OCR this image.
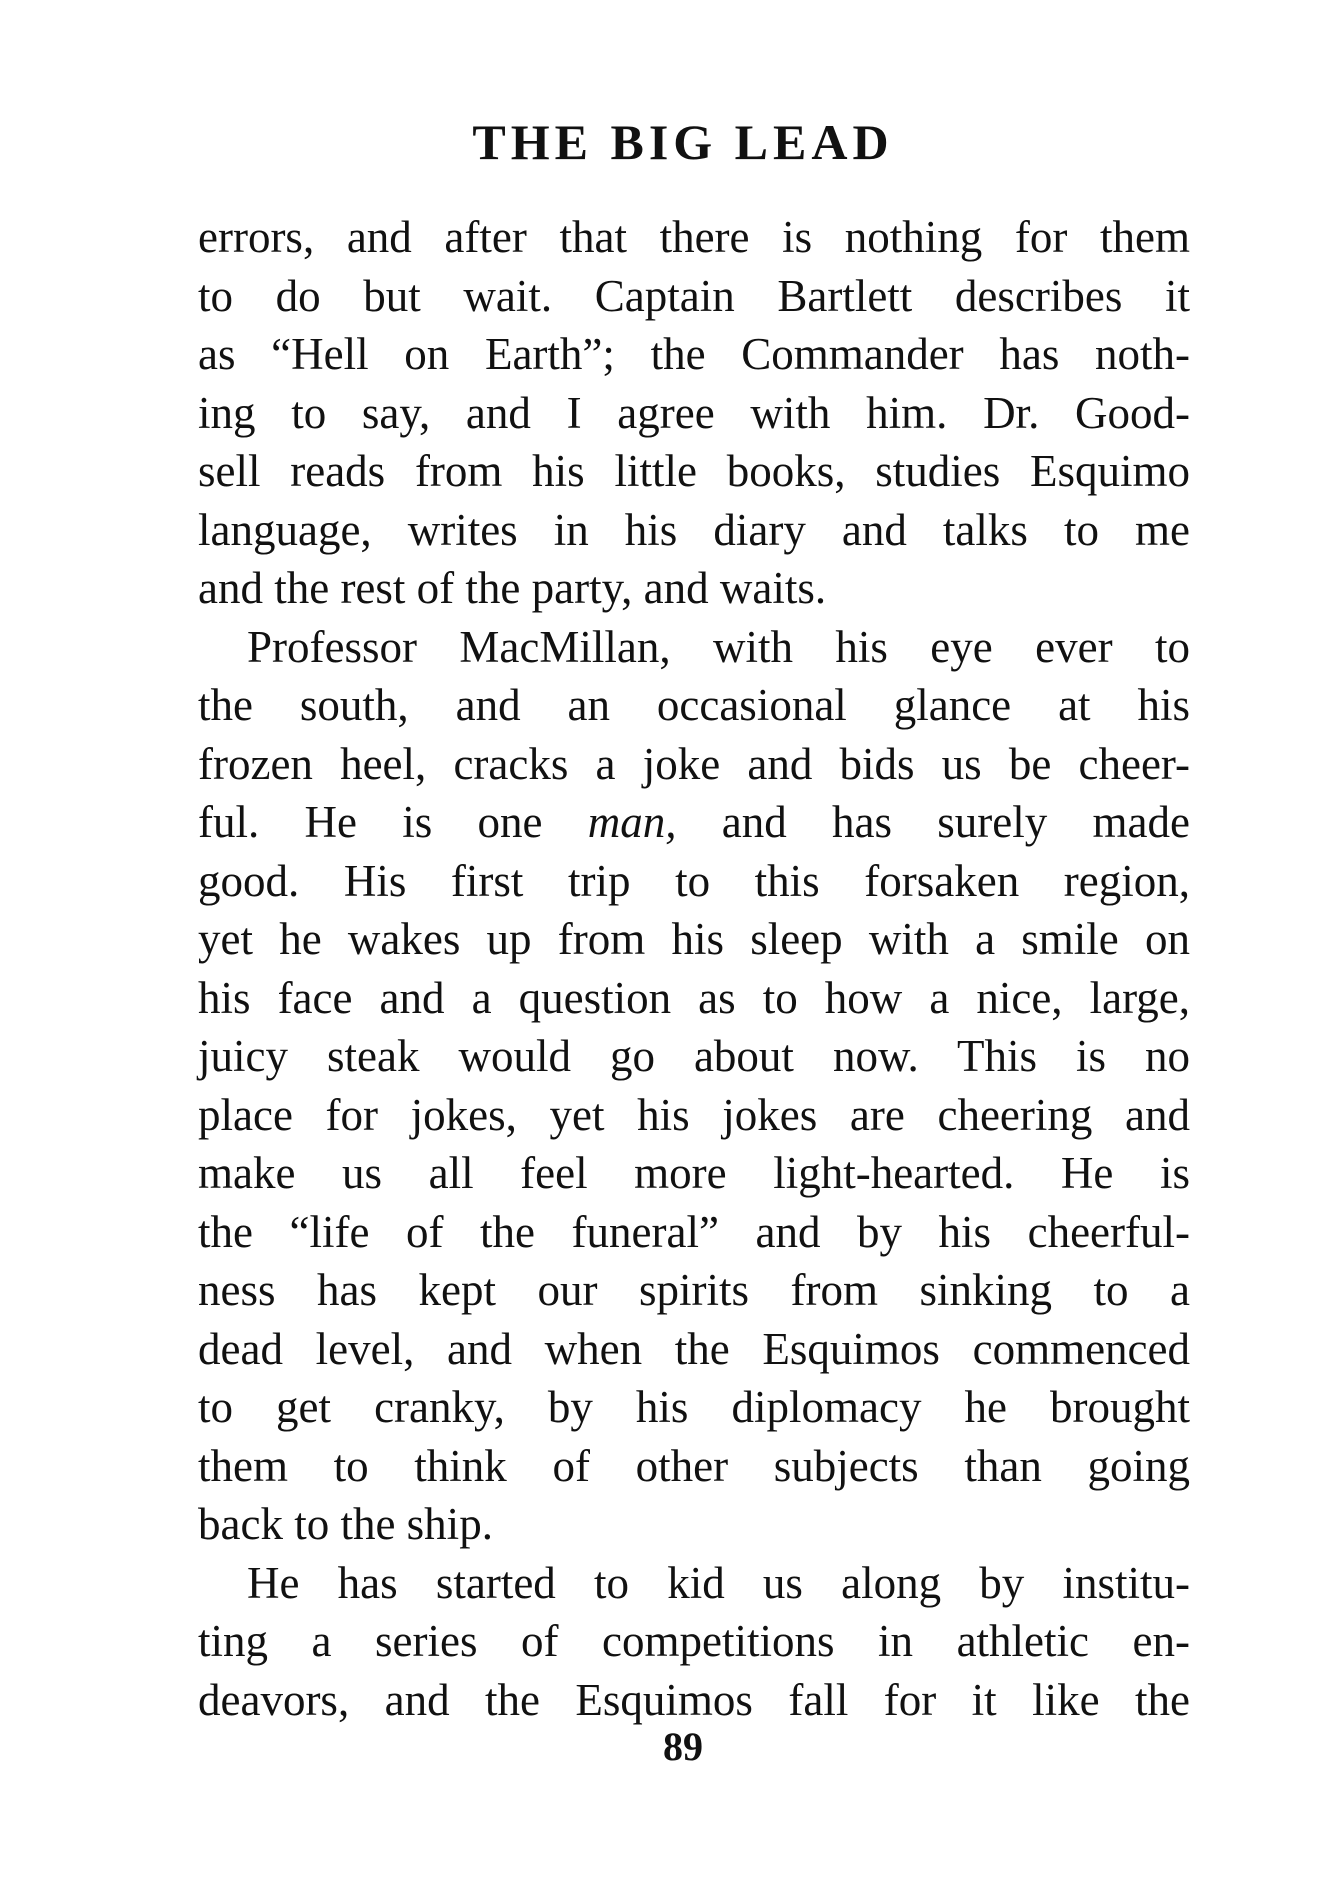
THE BIG LEAD
errors, and after that there is nothing for them
to do but wait. Captain Bartlett describes it
as “Hell on Earth”; the Commander has noth-
ing to say, and I agree with him. Dr. Good-
sell reads from his little books, studies Esquimo
language, writes in his diary and talks to me
and the rest of the party, and waits.
Professor MacMillan, with his eye ever to
the south, and an occasional glance at his
frozen heel, cracks a joke and bids us be cheer-
ful. He is one man, and has surely made
good. His first trip to this forsaken region,
yet he wakes up from his sleep with a smile on
his face and a question as to how a nice, large,
juicy steak would go about now. This is no
place for jokes, yet his jokes are cheering and
make us all feel more light-hearted. He is
the “life of the funeral” and by his cheerful-
ness has kept our spirits from sinking to a
dead level, and when the Esquimos commenced
to get cranky, by his diplomacy he brought
them to think of other subjects than going
back to the ship.
He has started to kid us along by institu-
ting a series of competitions in athletic en-
deavors, and the Esquimos fall for it like the
89
